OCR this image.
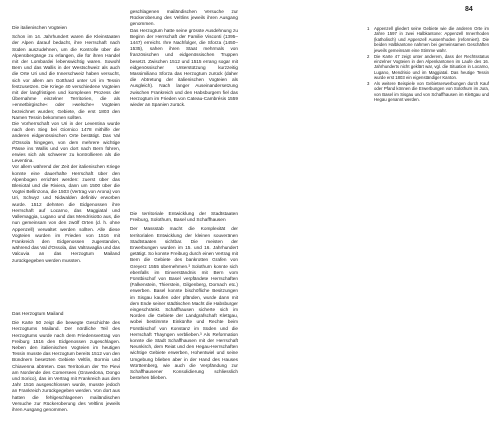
84
Die italienischen Vogteien

Schon im 14. Jahrhundert waren die Kleinstaaten der Alpen darauf bedacht, ihre Herrschaft nach Süden auszudehnen, um die Kontrolle über die Alpenübergänge zu erlangen, die für ihren Handel mit der Lombardei lebenswichtig waren. Sowohl Bern und das Wallis in der Westschweiz als auch die Orte Uri und die Innerschweiz haben versucht, sich vor allem am Gotthard unter Uri im Tessin festzusetzen. Die Kriege 40 verschiedene Vogteien mit der langfristigen und komplexen Prozess der Übernahme einzelner Territorien, die als »ennetbirgische« oder »welsche« Vogteien bezeichnet wurden; Gebiete, die erst 1803 den Namen Tessin bekommen sollten.

Die Vorherrschaft von Uri in der Leventina wurde nach dem Sieg bei Giornico 1478 mithilfe der anderen eidgenössischen Orte bestätigt. Das Val d'Ossola hingegen, von dem mehrere wichtige Pässe ins Wallis und von dort nach Bern führen, erwies sich als schwerer zu kontrollieren als die Leventina.

Vor allem während der Zeit der italienischen Kriege konnte eine dauerhafte Herrschaft über den Alpenbogen errichtet werden: zuerst über das Bleniotal und die Riviera, dann um 1500 über die Vogtei Bellinzona, die 1503 (Vertrag von Arona) von Uri, Schwyz und Nidwalden definitiv erworben wurde. 1512 dehnten die Eidgenossen ihre Herrschaft auf Locarno, das Maggiatal und Vallemaggia, Lugano und das Mendrisiotto aus, die nun gemeinsam von den zwölf Orten (d. h. ohne Appenzell) verwaltet werden sollten. Alle diese Vogteien wurden im Frieden von 1516 mit Frankreich den Eidgenossen zugestanden, während das Val d'Ossola, das Valtravaglia und das Valcuvia an das Herzogtum Mailand zurückgegeben werden mussten.

Das Herzogtum Mailand

Die Karte 50 zeigt die bewegte Geschichte des Herzogtums Mailand. Der nördliche Teil des Herzogtums wurde nach dem Friedensvertrag von Freiburg 1516 den Eidgenossen zugeschlagen. Neben den italienischen Vogteien im heutigen Tessin musste das Herzogtum bereits 1512 von den Bündnern besetzten Gebiete Veltlin, Bormio und Chiavenna abtreten. Das Territorium der Tre Pievi am Nordende des Comersees (Gravedona, Dongo und Sorico), das im Vertrag mit Frankreich aus dem Jahr 1516 ausgeschlossen wurde, musste jedoch an Frankreich zurückgegeben werden. Von dort aus hatten die fehlgeschlagenen mailändischen Versuche zur Rückeroberung des Veltlins jeweils ihren Ausgang genommen.

geschlagenen mailändischen Versuche zur Rückeroberung des Veltlins jeweils ihren Ausgang genommen.

Das Herzogtum hatte seine grösste Ausdehnung zu Beginn der Herrschaft der Familie Visconti (1395–1447) erreicht. Ihre Nachfolger, die Sforza (1450–1535), sahen ihren Staat mehrmals von französischen und eidgenössischen Truppen besetzt. Zwischen 1512 und 1515 errang sogar mit eidgenössischer Unterstützung kurzzeitig Massimiliano Sforza das Herzogtum zurück (daher die Abtretung der italienischen Vogteien als Ausgleich). Nach langer Auseinandersetzung zwischen Frankreich und den Habsburgern fiel das Herzogtum im Frieden von Cateau-Cambrésis 1559 wieder an Spanien zurück.

Die territoriale Entwicklung der Stadtstaaten Freiburg, Solothurn, Basel und Schaffhausen

Der Massstab macht die Komplexität der territorialen Entwicklung der kleinen souveränen Stadtstaaten sichtbar. Die meisten der Erwerbungen wurden im 15. und 16. Jahrhundert getätigt. So konnte Freiburg durch einen Vertrag mit Bern die Gebiete des bankrotten Grafen von Greyerz 1555 übernehmen.³ Solothurn konnte sich ebenfalls im Einverständnis mit Bern vom Fürstbischof von Basel verpfändete Herrschaften (Falkenstein, Thierstein, Gilgenberg, Dornach etc.) erwerben. Basel konnte bischöfliche Besitzungen im Sisgau kaufen oder pfänden, wurde dann mit dem Ende seiner städtischen Macht die Habsburger eingeschränkt. Schaffhausen sicherte sich im Norden die Gebiete der Landgrafschaft Klettgau, wobei bestimmte Einkünfte und Rechte beim Fürstbischof von Konstanz im Süden und die Herrschaft Thayngen verblieben.³ Als Reformation konnte die Stadt Schaffhausen mit der Herrschaft Neunkirch, dem Reiat und den Hegau-Herrschaften wichtige Gebiete erwerben, Hohentwiel und seine Umgebung blieben aber in der Hand des Hauses Württemberg, wie auch die Verpfändung zur Schaffhausener Konsolidierung schliesslich bestehen blieben.

1	Appenzell gliedert seine Gebiete wie die anderen Orte im Jahre 1597 in zwei Halbkantone: Appenzell Innerrhoden (katholisch) und Appenzell Ausserrhoden (reformiert). Die beiden Halbkantone nahmen bei gemeinsamen Geschäften jeweils gemeinsam eine Stimme wahr.
2	Die Karte 47 zeigt unter anderem, dass der Rechtsstatus einzelner Vogteien in den Alpenkantonen im Laufe des 16. Jahrhunderts nicht geklärt war, vgl. die Situation in Locarno, Lugano, Mendrisio und im Maggiatal. Das heutige Tessin wurde erst 1803 ein eigenständiger Kanton.
3	Als weitere Beispiele von Gebietserwerbungen durch Kauf oder Pfand können die Erwerbungen von Solothurn im Jura, von Basel im Sisgau und von Schaffhausen im Klettgau und Hegau genannt werden.
